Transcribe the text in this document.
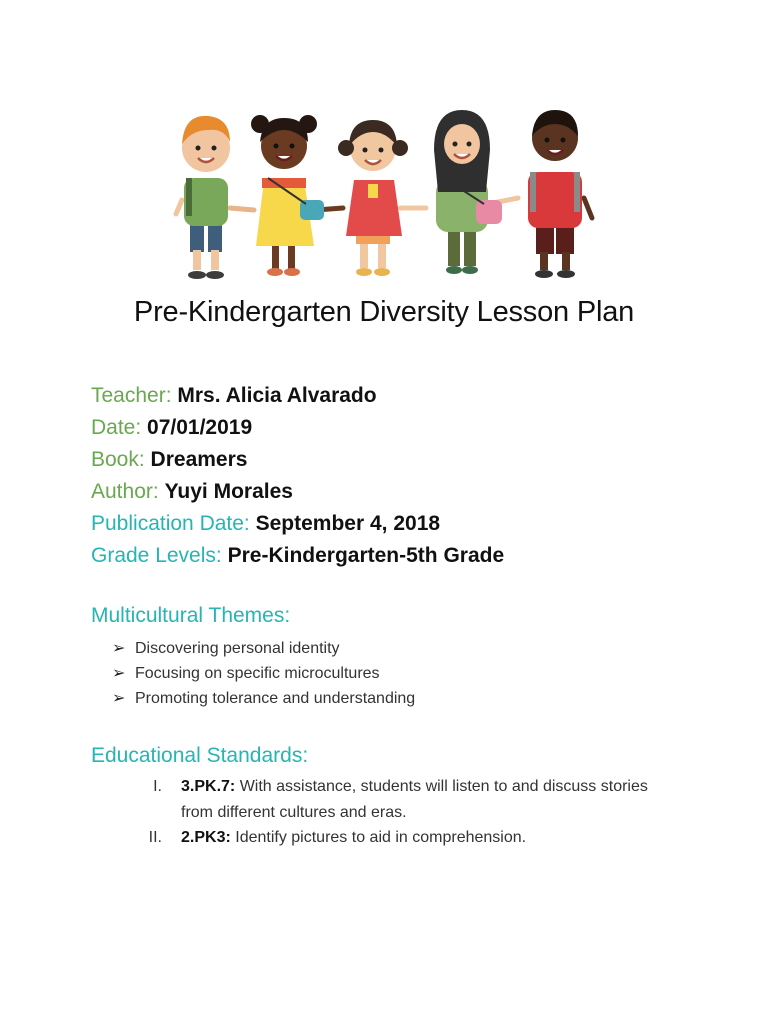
Pre-Kindergarten Diversity Lesson Plan
Teacher: Mrs. Alicia Alvarado
Date: 07/01/2019
Book: Dreamers
Author: Yuyi Morales
Publication Date: September 4, 2018
Grade Levels: Pre-Kindergarten-5th Grade
Multicultural Themes:
➢ Discovering personal identity
➢ Focusing on specific microcultures
➢ Promoting tolerance and understanding
Educational Standards:
I. 3.PK.7: With assistance, students will listen to and discuss stories from different cultures and eras.
II. 2.PK3: Identify pictures to aid in comprehension.
